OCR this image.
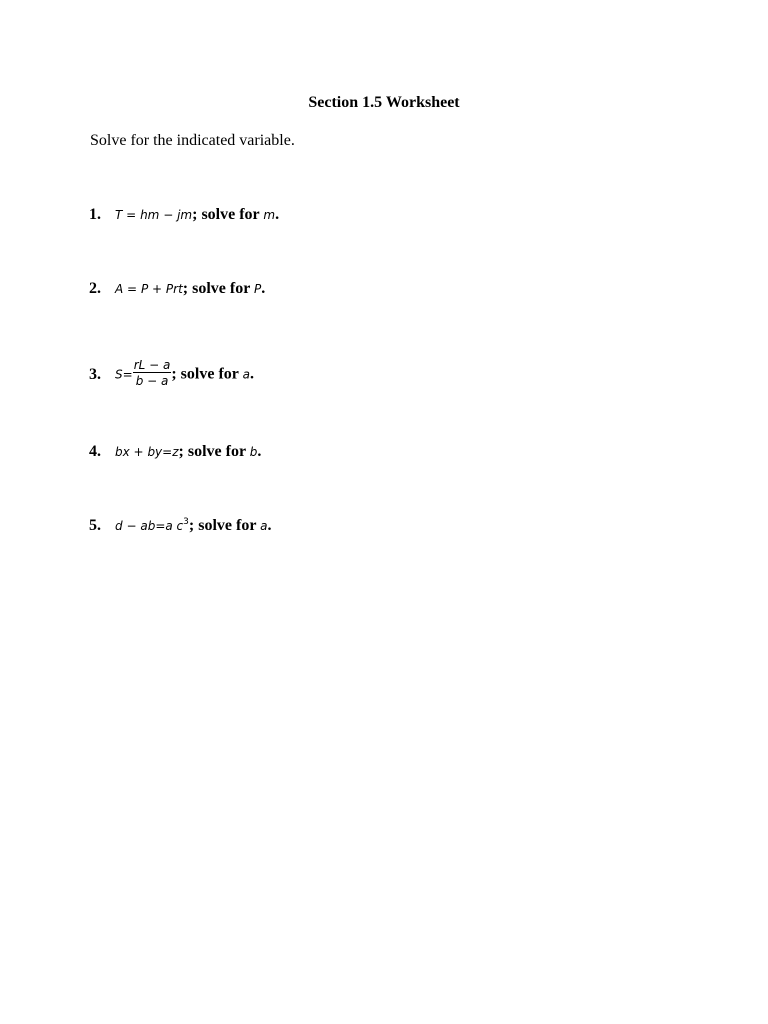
Section 1.5 Worksheet
Solve for the indicated variable.
1. T = hm − jm; solve for m.
2. A = P + Prt; solve for P.
3. $S= \frac{rL - a}{b - a}$ ; solve for a.
4. bx + by=z; solve for b.
5. d − ab=a $c^3$; solve for a.
